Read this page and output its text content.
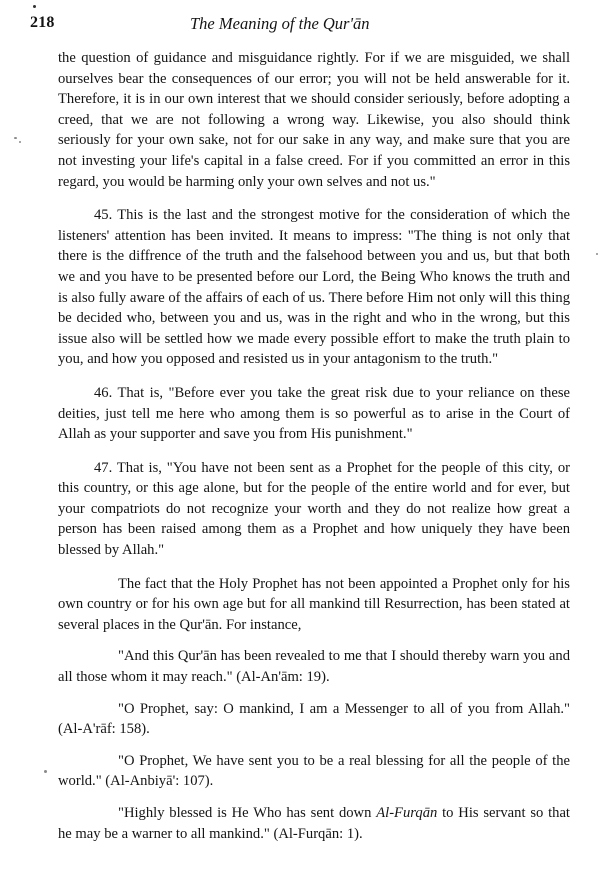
218	The Meaning of the Qur'ān

the question of guidance and misguidance rightly. For if we are misguided, we shall ourselves bear the consequences of our error; you will not be held answerable for it. Therefore, it is in our own interest that we should consider seriously, before adopting a creed, that we are not following a wrong way. Likewise, you also should think seriously for your own sake, not for our sake in any way, and make sure that you are not investing your life's capital in a false creed. For if you committed an error in this regard, you would be harming only your own selves and not us."

45. This is the last and the strongest motive for the consideration of which the listeners' attention has been invited. It means to impress: "The thing is not only that there is the diffrence of the truth and the falsehood between you and us, but that both we and you have to be presented before our Lord, the Being Who knows the truth and is also fully aware of the affairs of each of us. There before Him not only will this thing be decided who, between you and us, was in the right and who in the wrong, but this issue also will be settled how we made every possible effort to make the truth plain to you, and how you opposed and resisted us in your antagonism to the truth."

46. That is, "Before ever you take the great risk due to your reliance on these deities, just tell me here who among them is so powerful as to arise in the Court of Allah as your supporter and save you from His punishment."

47. That is, "You have not been sent as a Prophet for the people of this city, or this country, or this age alone, but for the people of the entire world and for ever, but your compatriots do not recognize your worth and they do not realize how great a person has been raised among them as a Prophet and how uniquely they have been blessed by Allah."

The fact that the Holy Prophet has not been appointed a Prophet only for his own country or for his own age but for all mankind till Resurrection, has been stated at several places in the Qur'ān. For instance,

"And this Qur'ān has been revealed to me that I should thereby warn you and all those whom it may reach." (Al-An'ām: 19).

"O Prophet, say: O mankind, I am a Messenger to all of you from Allah." (Al-A'rāf: 158).

"O Prophet, We have sent you to be a real blessing for all the people of the world." (Al-Anbiyā': 107).

"Highly blessed is He Who has sent down Al-Furqān to His servant so that he may be a warner to all mankind." (Al-Furqān: 1).
